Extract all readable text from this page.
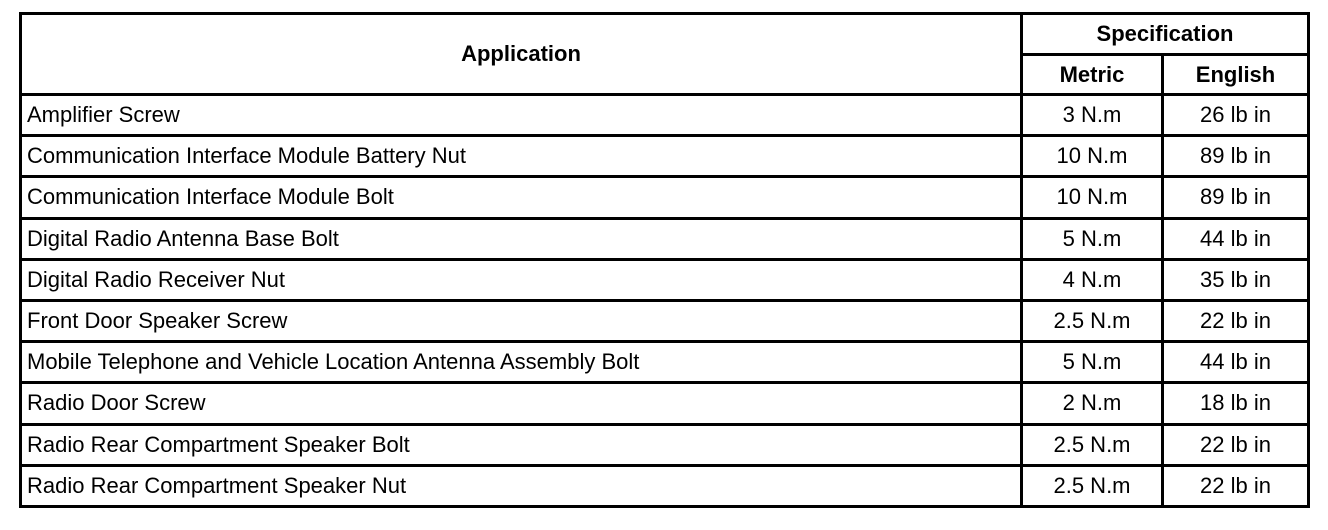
Application	Specification	
	Metric	English
Amplifier Screw	3 N.m	26 lb in
Communication Interface Module Battery Nut	10 N.m	89 lb in
Communication Interface Module Bolt	10 N.m	89 lb in
Digital Radio Antenna Base Bolt	5 N.m	44 lb in
Digital Radio Receiver Nut	4 N.m	35 lb in
Front Door Speaker Screw	2.5 N.m	22 lb in
Mobile Telephone and Vehicle Location Antenna Assembly Bolt	5 N.m	44 lb in
Radio Door Screw	2 N.m	18 lb in
Radio Rear Compartment Speaker Bolt	2.5 N.m	22 lb in
Radio Rear Compartment Speaker Nut	2.5 N.m	22 lb in
